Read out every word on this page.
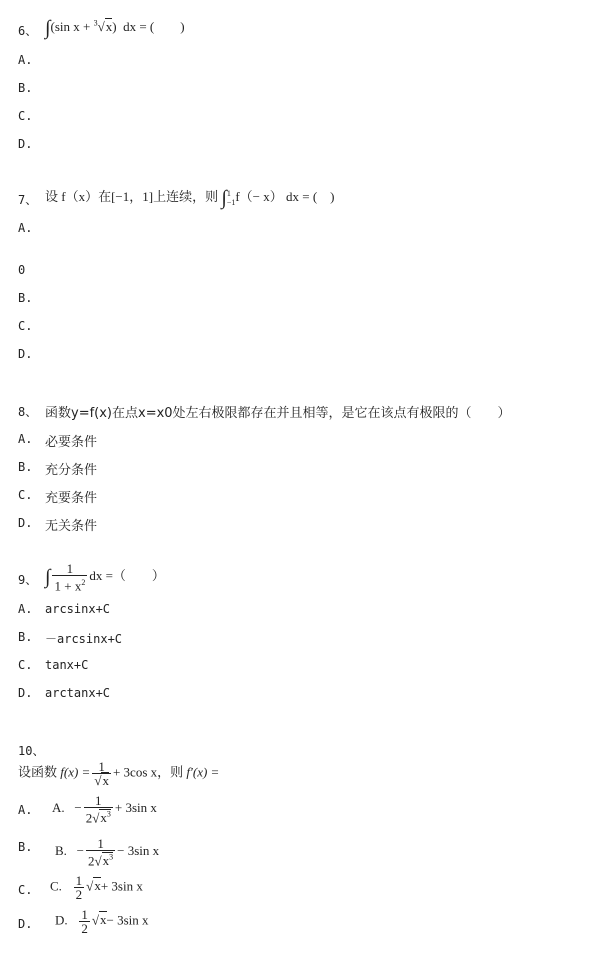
6、 ∫(sin x + $^3$√x) dx = (　　)
A.
B.
C.
D.
7、 设 f（x）在[−1，1]上连续，则 ∫ 1
−1 f（− x） dx = ( )
A.
0
B.
C.
D.
8、 函数y=f(x)在点x=x0处左右极限都存在并且相等，是它在该点有极限的（　　）
A. 必要条件
B. 充分条件
C. 充要条件
D. 无关条件
9、 ∫ $\frac{1}{1 + x^2}$ dx =（　　）
A. arcsinx+C
B. －arcsinx+C
C. tanx+C
D. arctanx+C
10、
设函数 $f(x) = \frac{1}{√x} + 3\cos$ x，则 f′(x) =
A. A. − $\frac{1}{2√x^3} + 3\sin$ x
B. B. − $\frac{1}{2√x^3} - 3\sin$ x
C. C. $\frac{1}{2} √x+ 3\sin$ x
D. D. $\frac{1}{2} √x- 3\sin$ x
